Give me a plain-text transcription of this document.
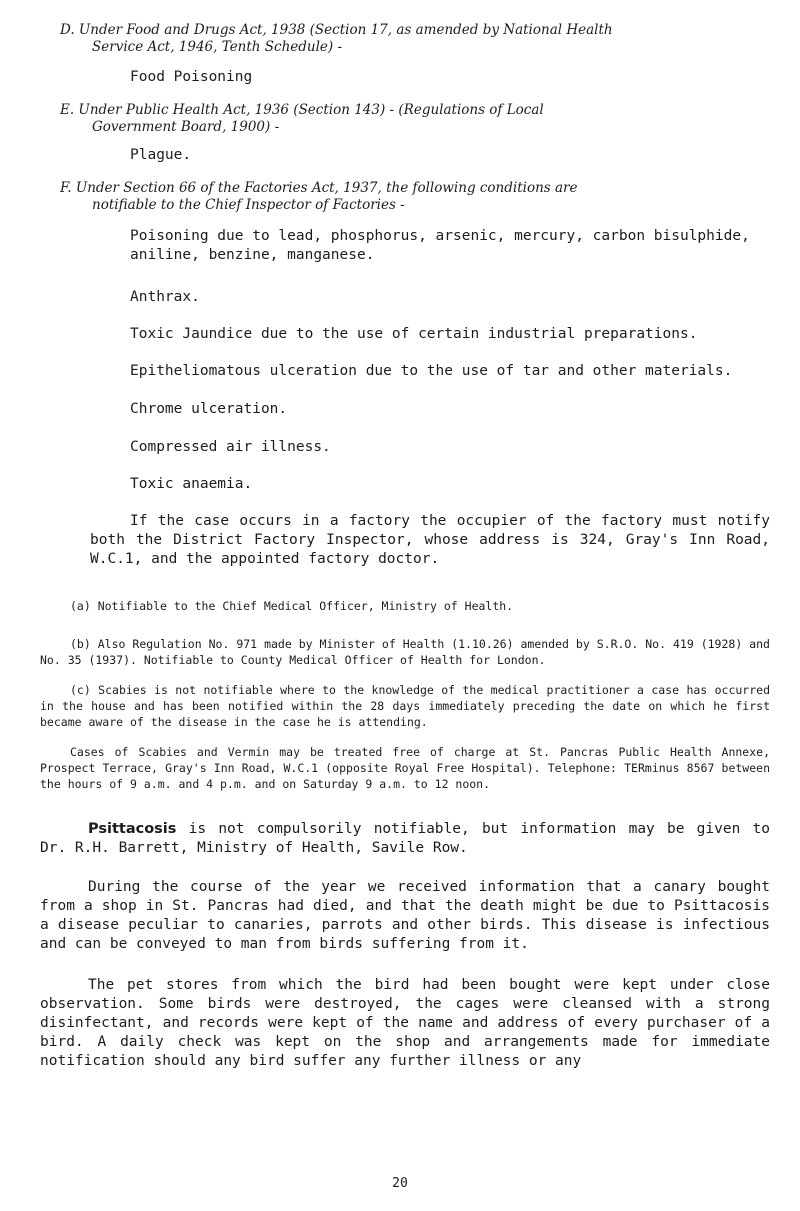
D. Under Food and Drugs Act, 1938 (Section 17, as amended by National Health
Service Act, 1946, Tenth Schedule) -

Food Poisoning

E. Under Public Health Act, 1936 (Section 143) - (Regulations of Local
Government Board, 1900) -

Plague.

F. Under Section 66 of the Factories Act, 1937, the following conditions are
notifiable to the Chief Inspector of Factories -

Poisoning due to lead, phosphorus, arsenic, mercury, carbon bisulphide, aniline, benzine, manganese.

Anthrax.

Toxic Jaundice due to the use of certain industrial preparations.

Epitheliomatous ulceration due to the use of tar and other materials.

Chrome ulceration.

Compressed air illness.

Toxic anaemia.

If the case occurs in a factory the occupier of the factory must notify both the District Factory Inspector, whose address is 324, Gray's Inn Road, W.C.1, and the appointed factory doctor.

(a) Notifiable to the Chief Medical Officer, Ministry of Health.

(b) Also Regulation No. 971 made by Minister of Health (1.10.26) amended by S.R.O. No. 419 (1928) and No. 35 (1937). Notifiable to County Medical Officer of Health for London.

(c) Scabies is not notifiable where to the knowledge of the medical practitioner a case has occurred in the house and has been notified within the 28 days immediately preceding the date on which he first became aware of the disease in the case he is attending.

Cases of Scabies and Vermin may be treated free of charge at St. Pancras Public Health Annexe, Prospect Terrace, Gray's Inn Road, W.C.1 (opposite Royal Free Hospital). Telephone: TERminus 8567 between the hours of 9 a.m. and 4 p.m. and on Saturday 9 a.m. to 12 noon.

Psittacosis is not compulsorily notifiable, but information may be given to Dr. R.H. Barrett, Ministry of Health, Savile Row.

During the course of the year we received information that a canary bought from a shop in St. Pancras had died, and that the death might be due to Psittacosis a disease peculiar to canaries, parrots and other birds. This disease is infectious and can be conveyed to man from birds suffering from it.

The pet stores from which the bird had been bought were kept under close observation. Some birds were destroyed, the cages were cleansed with a strong disinfectant, and records were kept of the name and address of every purchaser of a bird. A daily check was kept on the shop and arrangements made for immediate notification should any bird suffer any further illness or any

20
